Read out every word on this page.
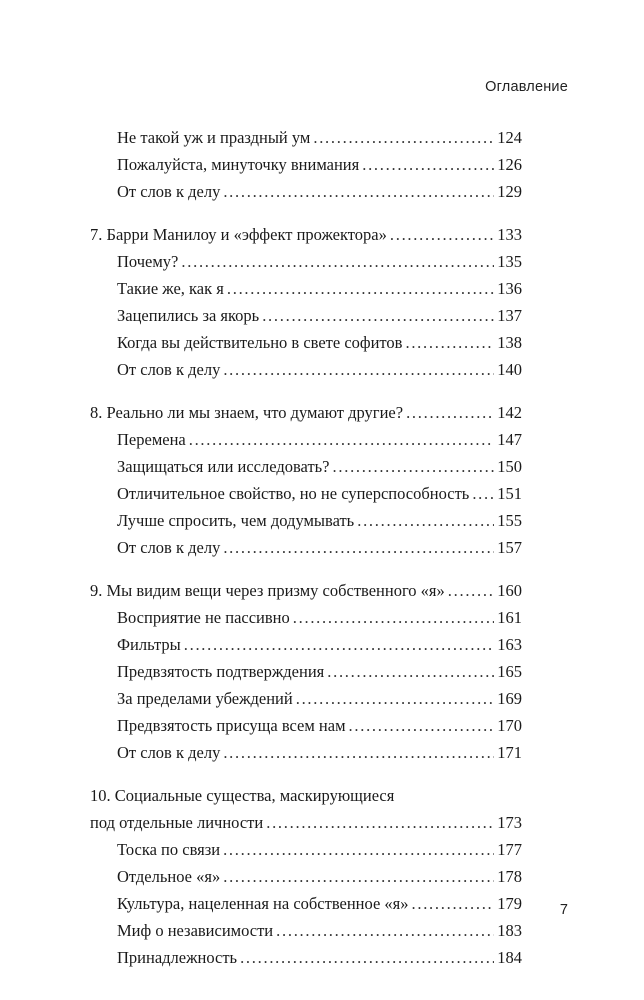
Оглавление
Не такой уж и праздный ум . . .	124
Пожалуйста, минуточку внимания . . .	126
От слов к делу . . .	129
7. Барри Манилоу и «эффект прожектора» . . .	133
Почему? . . .	135
Такие же, как я . . .	136
Зацепились за якорь . . .	137
Когда вы действительно в свете софитов . . .	138
От слов к делу . . .	140
8. Реально ли мы знаем, что думают другие? . . .	142
Перемена . . .	147
Защищаться или исследовать? . . .	150
Отличительное свойство, но не суперспособность . . . 151
Лучше спросить, чем додумывать . . .	155
От слов к делу . . .	157
9. Мы видим вещи через призму собственного «я» . . .	160
Восприятие не пассивно . . .	161
Фильтры . . .	163
Предвзятость подтверждения . . .	165
За пределами убеждений . . .	169
Предвзятость присуща всем нам . . .	170
От слов к делу . . .	171
10. Социальные существа, маскирующиеся
под отдельные личности . . .	173
Тоска по связи . . .	177
Отдельное «я» . . .	178
Культура, нацеленная на собственное «я» . . .	179
Миф о независимости . . .	183
Принадлежность . . .	184
7
